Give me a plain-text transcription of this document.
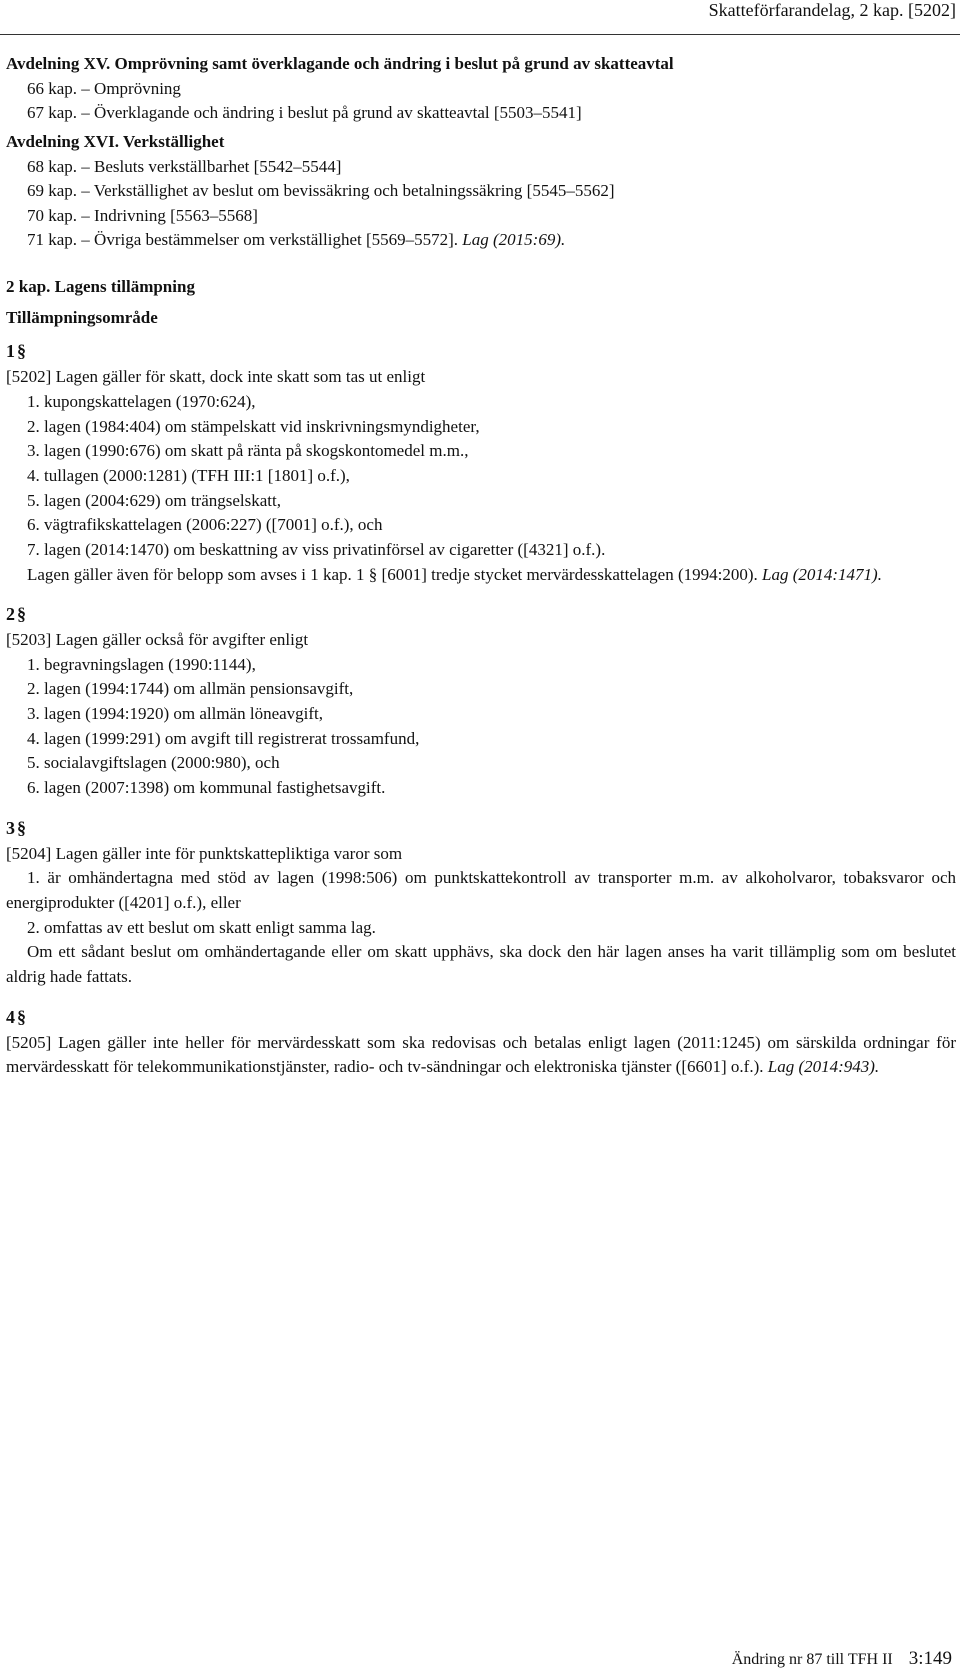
Skatteförfarandelag, 2 kap. [5202]

Avdelning XV. Omprövning samt överklagande och ändring i beslut på grund av skatteavtal

66 kap. – Omprövning

67 kap. – Överklagande och ändring i beslut på grund av skatteavtal [5503–5541]

Avdelning XVI. Verkställighet

68 kap. – Besluts verkställbarhet [5542–5544]

69 kap. – Verkställighet av beslut om bevissäkring och betalningssäkring [5545–5562]

70 kap. – Indrivning [5563–5568]

71 kap. – Övriga bestämmelser om verkställighet [5569–5572]. Lag (2015:69).

2 kap. Lagens tillämpning

Tillämpningsområde

1 §

[5202] Lagen gäller för skatt, dock inte skatt som tas ut enligt

1. kupongskattelagen (1970:624),

2. lagen (1984:404) om stämpelskatt vid inskrivningsmyndigheter,

3. lagen (1990:676) om skatt på ränta på skogskontomedel m.m.,

4. tullagen (2000:1281) (TFH III:1 [1801] o.f.),

5. lagen (2004:629) om trängselskatt,

6. vägtrafikskattelagen (2006:227) ([7001] o.f.), och

7. lagen (2014:1470) om beskattning av viss privatinförsel av cigaretter ([4321] o.f.).

Lagen gäller även för belopp som avses i 1 kap. 1 § [6001] tredje stycket mervärdesskattelagen (1994:200). Lag (2014:1471).

2 §

[5203] Lagen gäller också för avgifter enligt

1. begravningslagen (1990:1144),

2. lagen (1994:1744) om allmän pensionsavgift,

3. lagen (1994:1920) om allmän löneavgift,

4. lagen (1999:291) om avgift till registrerat trossamfund,

5. socialavgiftslagen (2000:980), och

6. lagen (2007:1398) om kommunal fastighetsavgift.

3 §

[5204] Lagen gäller inte för punktskattepliktiga varor som

1. är omhändertagna med stöd av lagen (1998:506) om punktskattekontroll av transporter m.m. av alkoholvaror, tobaksvaror och energiprodukter ([4201] o.f.), eller

2. omfattas av ett beslut om skatt enligt samma lag.

Om ett sådant beslut om omhändertagande eller om skatt upphävs, ska dock den här lagen anses ha varit tillämplig som om beslutet aldrig hade fattats.

4 §

[5205] Lagen gäller inte heller för mervärdesskatt som ska redovisas och betalas enligt lagen (2011:1245) om särskilda ordningar för mervärdesskatt för telekommunikationstjänster, radio- och tv-sändningar och elektroniska tjänster ([6601] o.f.). Lag (2014:943).

Ändring nr 87 till TFH II 3:149
